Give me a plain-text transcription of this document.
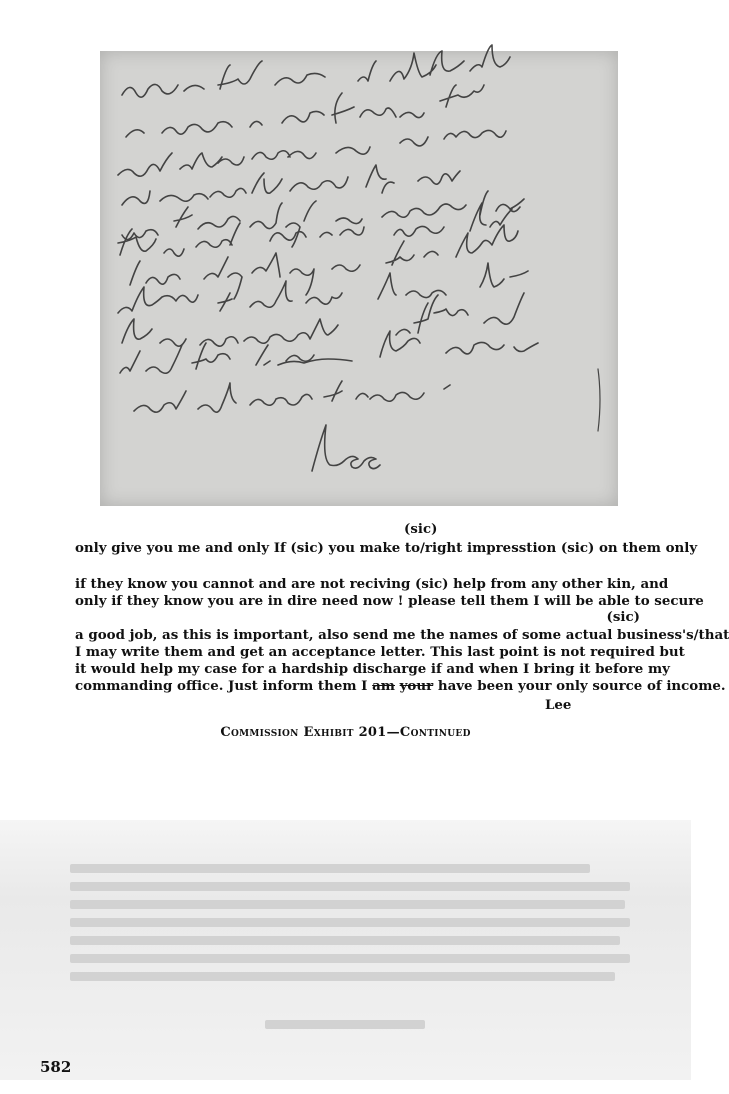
(sic)
only give you me and only If (sic) you make to/right impresstion (sic) on them only
if they know you cannot and are not reciving (sic) help from any other kin, and
only if they know you are in dire need now ! please tell them I will be able to secure
(sic)
a good job, as this is important, also send me the names of some actual business's/that
I may write them and get an acceptance letter. This last point is not required but
it would help my case for a hardship discharge if and when I bring it before my
commanding office. Just inform them I am your have been your only source of income.
Lee
Commission Exhibit 201—Continued
582
